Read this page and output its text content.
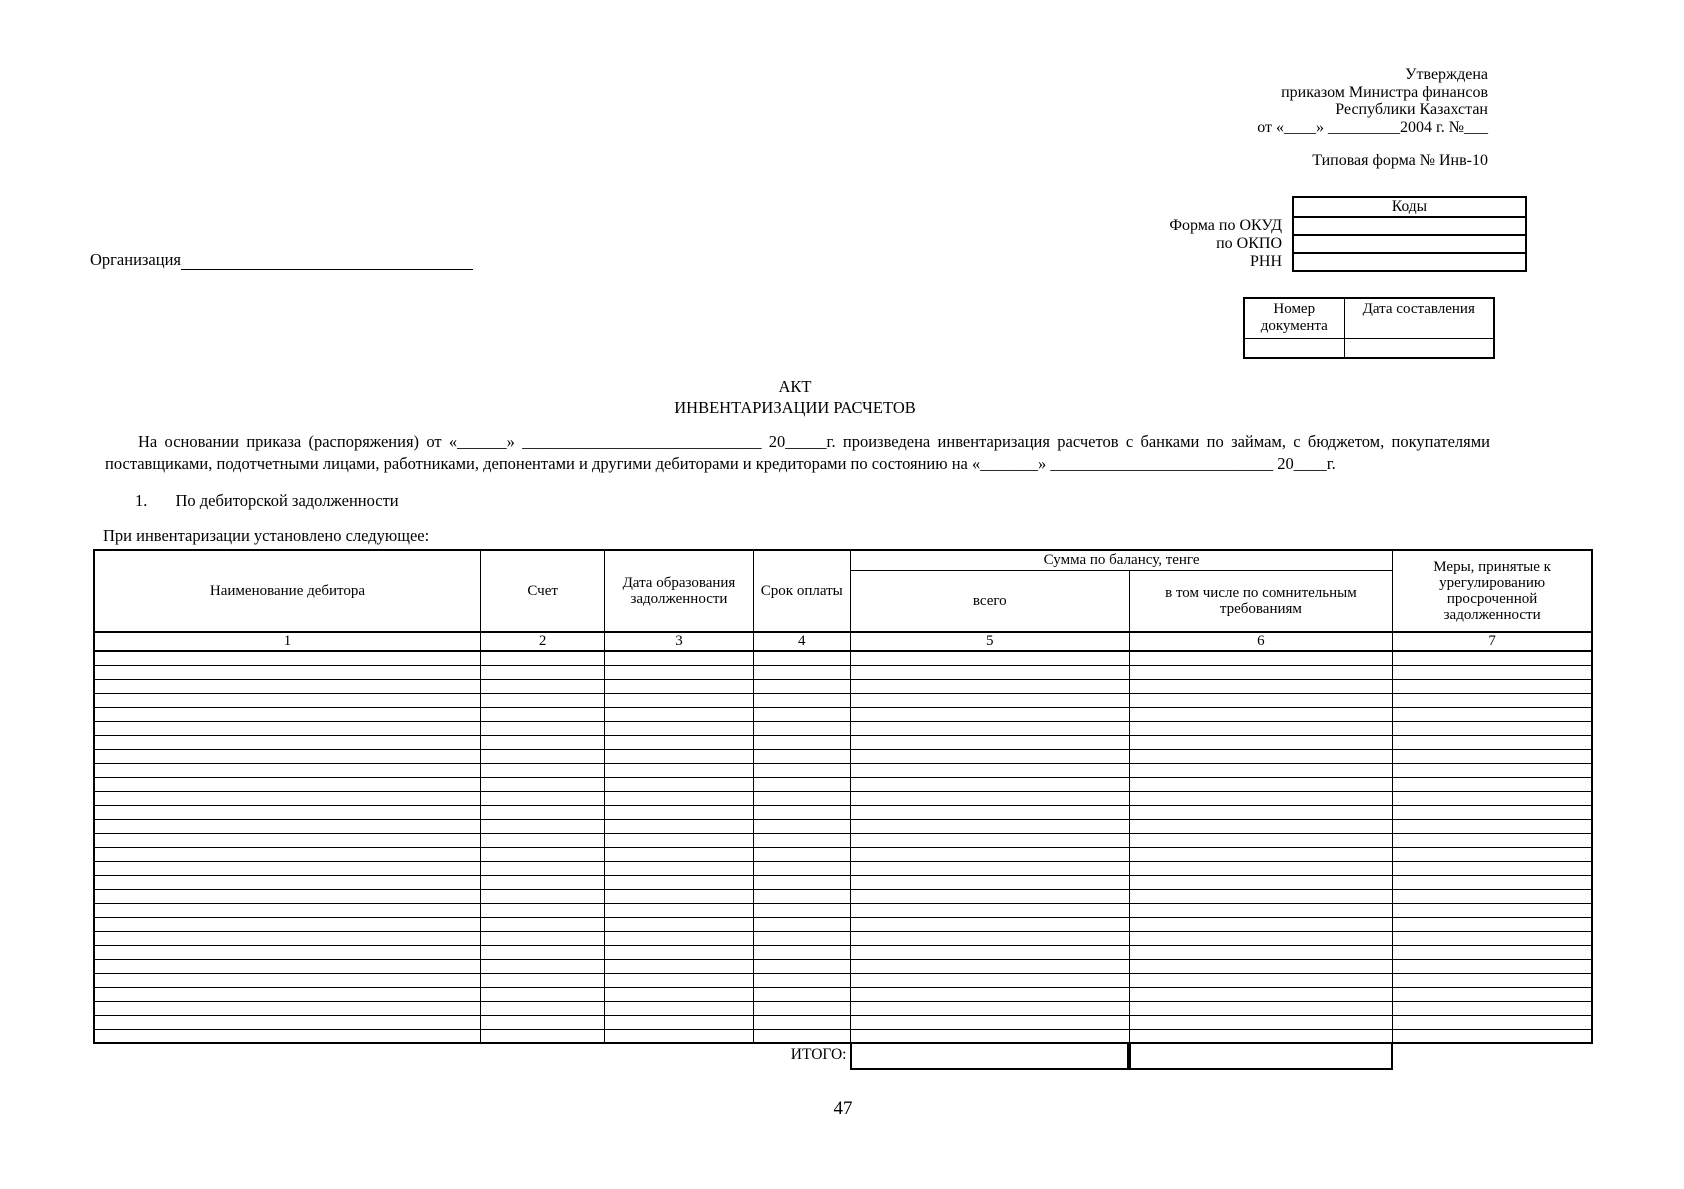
Утверждена
приказом Министра финансов
Республики Казахстан
от «____» _________2004 г. №___
Типовая форма № Инв-10
	Коды
Форма по ОКУД	
по ОКПО	
РНН	
Организация
Номер документа	Дата составления

АКТ
ИНВЕНТАРИЗАЦИИ РАСЧЕТОВ

На основании приказа (распоряжения) от «______» _____________________________ 20_____г. произведена инвентаризация расчетов с банками по займам, с бюджетом, покупателями поставщиками, подотчетными лицами, работниками, депонентами и другими дебиторами и кредиторами по состоянию на «_______» ___________________________ 20____г.

1. По дебиторской задолженности
При инвентаризации установлено следующее:
Наименование дебитора	Счет	Дата образования задолженности	Срок оплаты	Сумма по балансу, тенге		Меры, принятые к урегулированию просроченной задолженности
				всего	в том числе по сомнительным требованиям	
1	2	3	4	5	6	7

ИТОГО:
47
